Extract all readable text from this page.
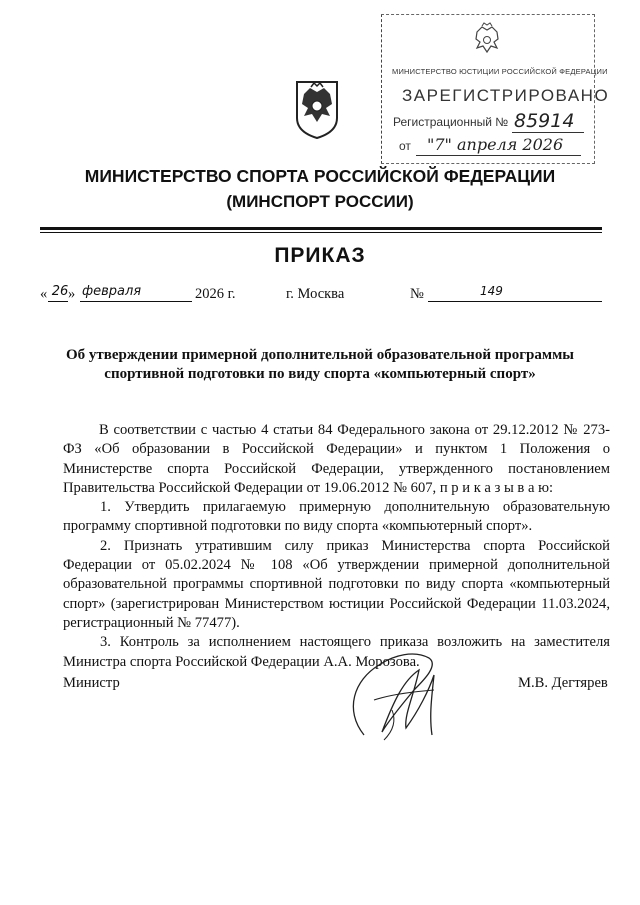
МИНИСТЕРСТВО ЮСТИЦИИ РОССИЙСКОЙ ФЕДЕРАЦИИ
ЗАРЕГИСТРИРОВАНО
Регистрационный № 85914
от "7" апреля 2026
МИНИСТЕРСТВО СПОРТА РОССИЙСКОЙ ФЕДЕРАЦИИ
(МИНСПОРТ РОССИИ)
ПРИКАЗ
« 26 » февраля	2026 г.	г. Москва	№	149
Об утверждении примерной дополнительной образовательной программы спортивной подготовки по виду спорта «компьютерный спорт»

В соответствии с частью 4 статьи 84 Федерального закона от 29.12.2012 № 273-ФЗ «Об образовании в Российской Федерации» и пунктом 1 Положения о Министерстве спорта Российской Федерации, утвержденного постановлением Правительства Российской Федерации от 19.06.2012 № 607, п р и к а з ы в а ю:

1. Утвердить прилагаемую примерную дополнительную образовательную программу спортивной подготовки по виду спорта «компьютерный спорт».

2. Признать утратившим силу приказ Министерства спорта Российской Федерации от 05.02.2024 № 108 «Об утверждении примерной дополнительной образовательной программы спортивной подготовки по виду спорта «компьютерный спорт» (зарегистрирован Министерством юстиции Российской Федерации 11.03.2024, регистрационный № 77477).

3. Контроль за исполнением настоящего приказа возложить на заместителя Министра спорта Российской Федерации А.А. Морозова.

Министр	М.В. Дегтярев
